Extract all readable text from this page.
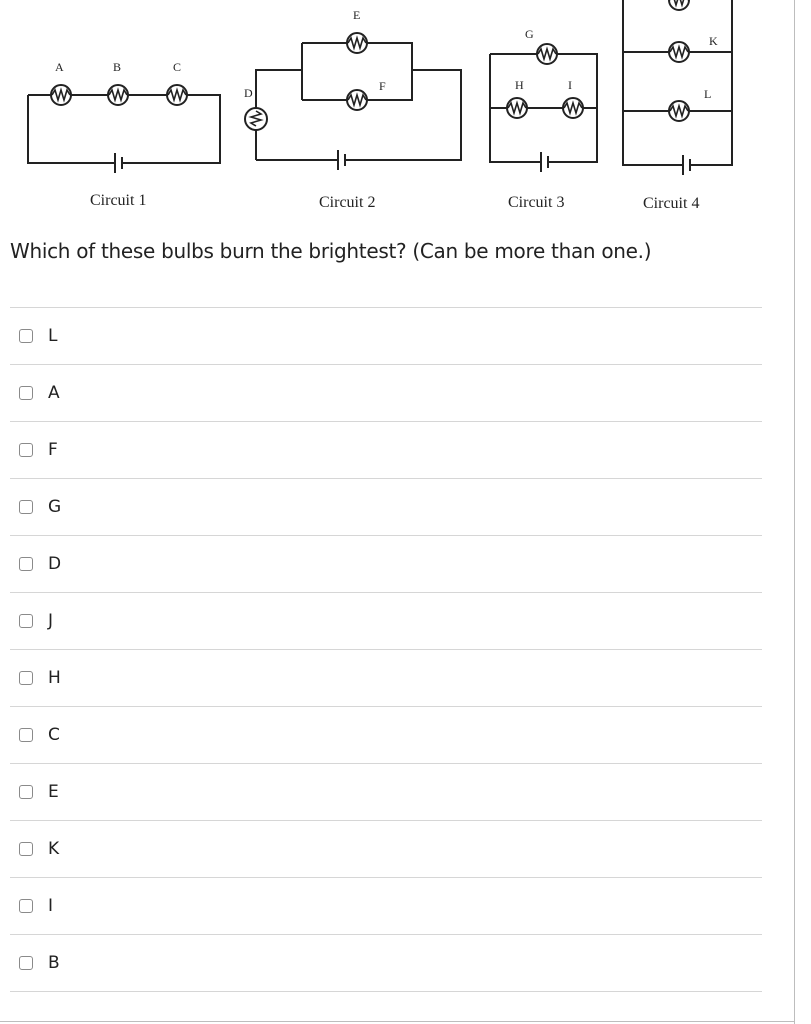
A	B	C
Circuit 1
D
E
F
Circuit 2
G
H	I
Circuit 3
K
L
Circuit 4
Which of these bulbs burn the brightest? (Can be more than one.)
L
A
F
G
D
J
H
C
E
K
I
B
